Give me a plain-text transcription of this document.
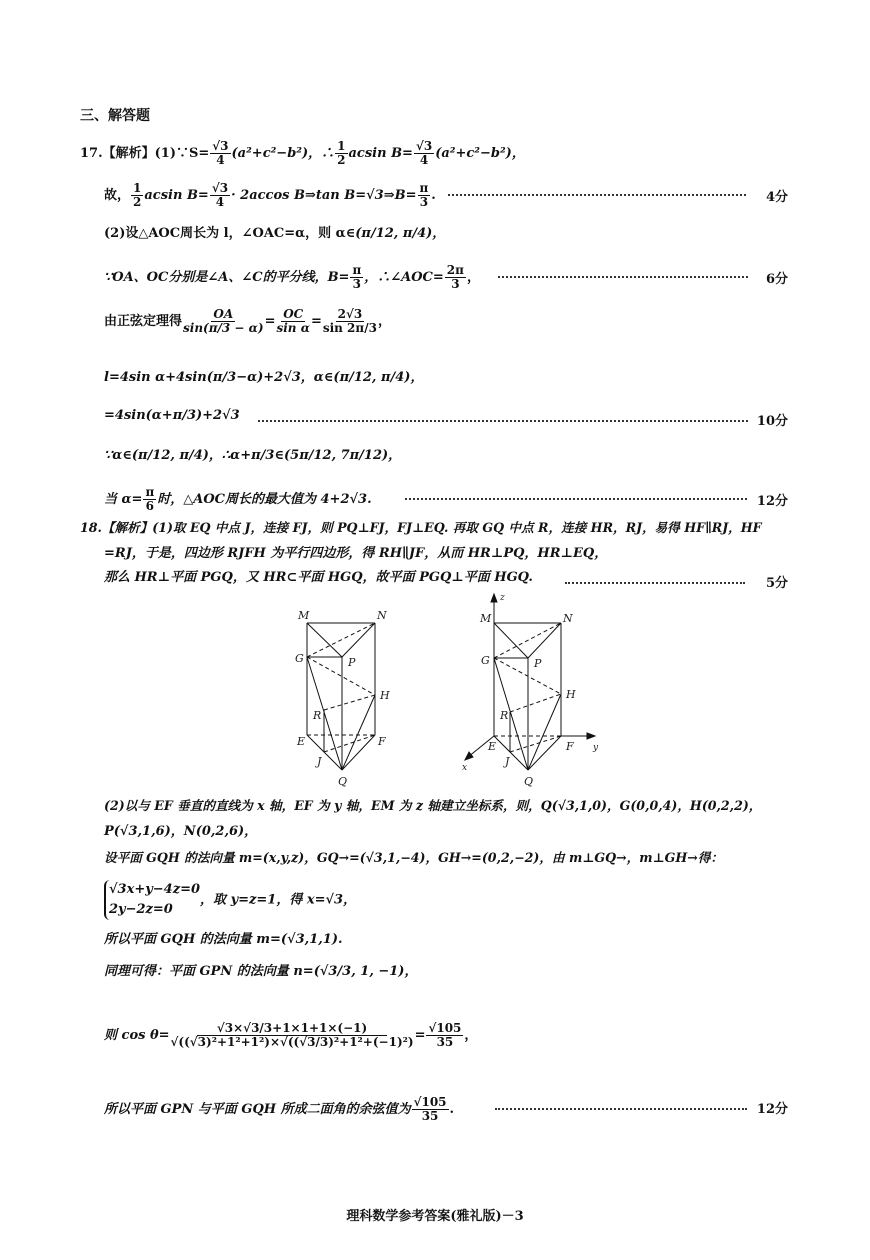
三、解答题
17.【解析】(1)∵S= $\frac{√3}{4} (a^2+c^2-b^2)$，∴ $\frac{1}{2}$ acsin $B= \frac{√3}{4} (a^2+c^2-b^2)$，
故， $\frac{1}{2}$ acsin $B= \frac{√3}{4} \cdot 2accos$ B⇒tan B=√3⇒B= $\frac{\pi}{3}$ .	4分
(2)设△AOC周长为 l，∠OAC=α，则 α∈(π/12, π/4)，
∵OA、OC分别是∠A、∠C的平分线，$B= \frac{\pi}{3}$ ，∴∠AOC= $\frac{2\pi}{3}$ ，	6分
由正弦定理得 $\frac{OA}{\sin(\pi/3 - \alpha)} = \frac{OC}{\text{sin α}} = \frac{2√3}{\sin 2\pi/3}$ ，
l=4sin α+4sin(π/3−α)+2√3，α∈(π/12, π/4)，
=4sin(α+π/3)+2√3	10分
∵α∈(π/12, π/4)，∴α+π/3∈(5π/12, 7π/12)，
当 $\alpha= \frac{\pi}{6}$ 时，△AOC周长的最大值为 4+2√3.	12分
18.【解析】(1)取 EQ 中点 J，连接 FJ，则 PQ⊥FJ，FJ⊥EQ. 再取 GQ 中点 R，连接 HR，RJ，易得 HF∥RJ，HF
=RJ，于是，四边形 RJFH 为平行四边形，得 RH∥JF，从而 HR⊥PQ，HR⊥EQ，
那么 HR⊥平面 PGQ，又 HR⊂平面 HGQ，故平面 PGQ⊥平面 HGQ.	5分
M	N
G	P
H
R
E	F
J
Q
z
y
x
M	N
G	P
H
R
E	F
J
Q
(2)以与 EF 垂直的直线为 x 轴，EF 为 y 轴，EM 为 z 轴建立坐标系，则，Q(√3,1,0)，G(0,0,4)，H(0,2,2)，
P(√3,1,6)，N(0,2,6)，
设平面 GQH 的法向量 m=(x,y,z)，GQ→=(√3,1,−4)，GH→=(0,2,−2)，由 m⊥GQ→，m⊥GH→得：
√3x+y−4z=0
2y−2z=0
，取 y=z=1，得 x=√3，
所以平面 GQH 的法向量 m=(√3,1,1).
同理可得：平面 GPN 的法向量 n=(√3/3, 1, −1)，
则 $\cos \theta= \frac{√3\times√3/3+1\times 1+1\times(-1)}{\text{√((√3)²+1²+1²)×√((√3/3)²+1²+(−1)²)}} = \frac{√105}{35}$ ，
所以平面 GPN 与平面 GQH 所成二面角的余弦值为 $\frac{√105}{35}$ .	12分
理科数学参考答案(雅礼版)－3
